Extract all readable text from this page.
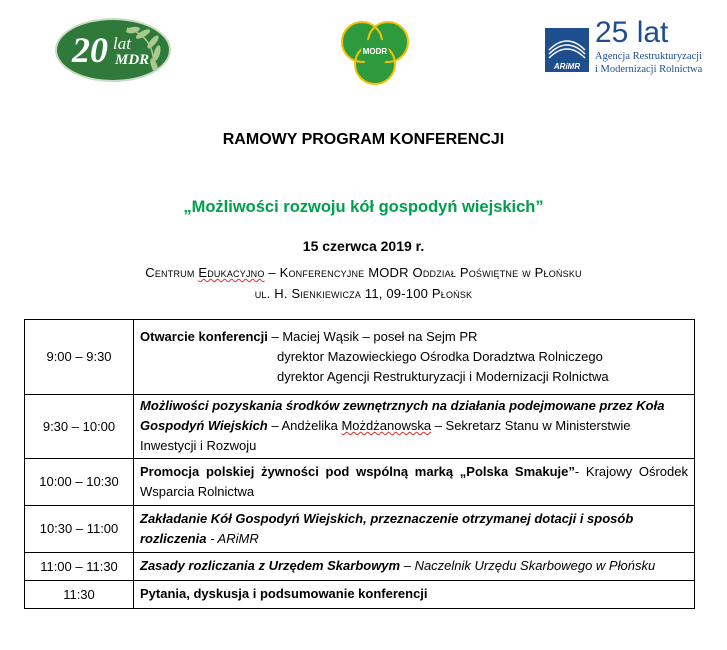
20 lat
MDR
MODR
ARiMR
25 lat
Agencja Restrukturyzacji
i Modernizacji Rolnictwa
RAMOWY PROGRAM KONFERENCJI
„Możliwości rozwoju kół gospodyń wiejskich”
15 czerwca 2019 r.
Centrum Edukacyjno – Konferencyjne MODR Oddział Poświętne w Płońsku
ul. H. Sienkiewicza 11, 09-100 Płońsk
9:00 – 9:30	Otwarcie konferencji – Maciej Wąsik – poseł na Sejm PR
dyrektor Mazowieckiego Ośrodka Doradztwa Rolniczego
dyrektor Agencji Restrukturyzacji i Modernizacji Rolnictwa

9:30 – 10:00	Możliwości pozyskania środków zewnętrznych na działania podejmowane przez Koła Gospodyń Wiejskich – Andżelika Możdżanowska – Sekretarz Stanu w Ministerstwie Inwestycji i Rozwoju
10:00 – 10:30	Promocja polskiej żywności pod wspólną marką „Polska Smakuje”- Krajowy Ośrodek Wsparcia Rolnictwa
10:30 – 11:00	Zakładanie Kół Gospodyń Wiejskich, przeznaczenie otrzymanej dotacji i sposób rozliczenia - ARiMR
11:00 – 11:30	Zasady rozliczania z Urzędem Skarbowym – Naczelnik Urzędu Skarbowego w Płońsku
11:30	Pytania, dyskusja i podsumowanie konferencji
